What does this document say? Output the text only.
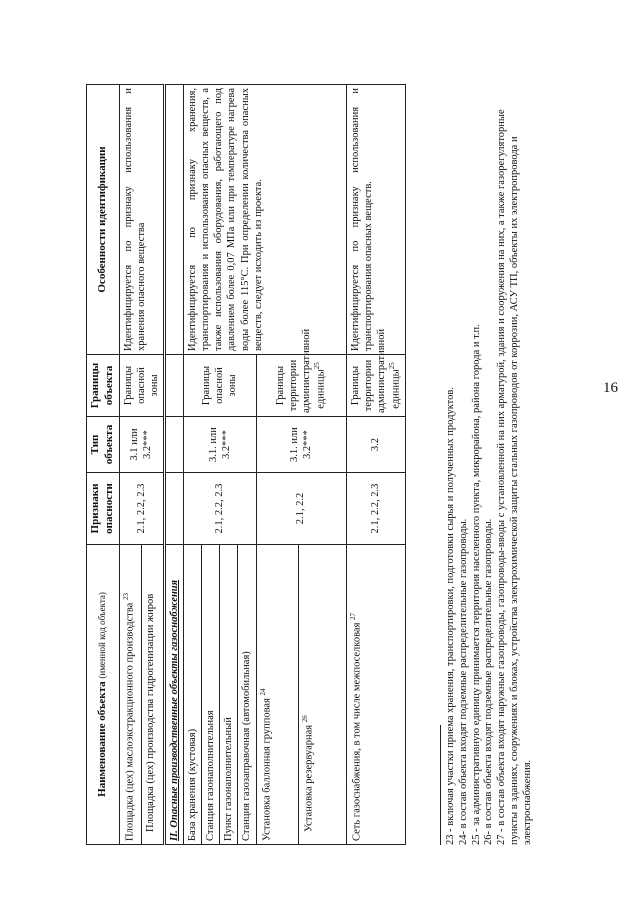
16
Наименование объекта (именной код объекта)	Признаки опасности	Тип объекта	Границы объекта	Особенности идентификации
Площадка (цех) маслоэкстракционного производства $^{23}$	2.1, 2.2, 2.3	3.1 или 3.2***	Границы опасной зоны	Идентифицируется по признаку использования и хранения опасного вещества
Площадка (цех) производства гидрогенизации жиров				
II. Опасные производственные объекты газоснабжения				
База хранения (кустовая)	2.1, 2.2, 2.3	3.1. или 3.2***	Границы опасной зоны	Идентифицируется по признаку хранения, транспортирования и использования опасных веществ, а также использования оборудования, работающего под давлением более 0,07 МПа или при температуре нагрева воды более 115°С. При определении количества опасных веществ, следует исходить из проекта.
Станция газонаполнительная				
Пункт газонаполнительный				
Станция газозаправочная (автомобильная)				
Установка баллонная групповая $^{24}$	2.1, 2.2	3.1. или 3.2***	Границы территории административной единицы$^{25}$
Установка резервуарная $^{26}$
Сеть газоснабжения, в том числе межпоселковая $^{27}$	2.1, 2.2, 2.3	3.2	Границы территории административной единицы$^{25}$	Идентифицируется по признаку использования и транспортирования опасных веществ.

23 - включая участки приема хранения, транспортировки, подготовки сырья и полученных продуктов. 24- в состав объекта входят подземные распределительные газопроводы. 25 - за административную единицу принимается территория населенного пункта, микрорайона, района города и т.п. 26- в состав объекта входят подземные распределительные газопроводы. 27 - в состав объекта входят наружные газопроводы, газопроводы-вводы с установленной на них арматурой, здания и сооружения на них, а также газорегуляторные пункты в зданиях, сооружениях и блоках, устройства электрохимической защиты стальных газопроводов от коррозии, АСУ ТП, объекты их электропровода и электроснабжения.
